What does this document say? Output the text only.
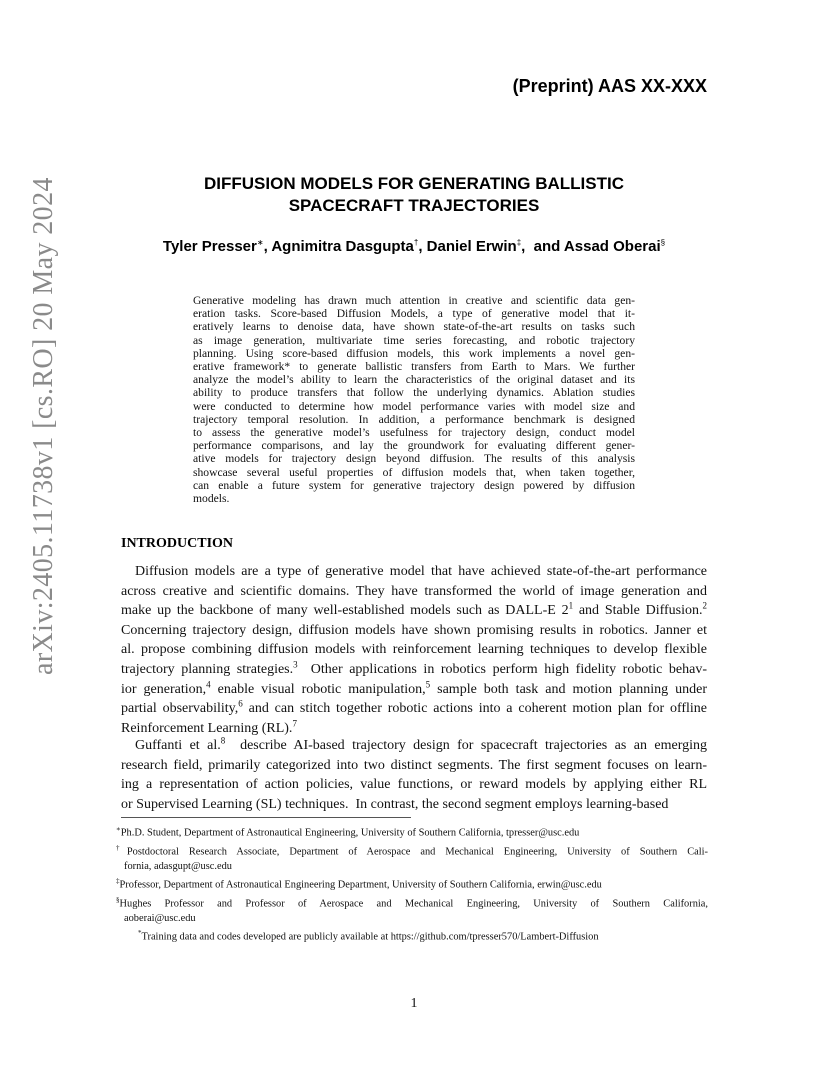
arXiv:2405.11738v1 [cs.RO] 20 May 2024
(Preprint) AAS XX-XXX
DIFFUSION MODELS FOR GENERATING BALLISTIC
SPACECRAFT TRAJECTORIES
Tyler Presser∗, Agnimitra Dasgupta†, Daniel Erwin‡,  and Assad Oberai§
Generative modeling has drawn much attention in creative and scientific data gen-
eration tasks. Score-based Diffusion Models, a type of generative model that it-
eratively learns to denoise data, have shown state-of-the-art results on tasks such
as image generation, multivariate time series forecasting, and robotic trajectory
planning. Using score-based diffusion models, this work implements a novel gen-
erative framework* to generate ballistic transfers from Earth to Mars. We further
analyze the model’s ability to learn the characteristics of the original dataset and its
ability to produce transfers that follow the underlying dynamics. Ablation studies
were conducted to determine how model performance varies with model size and
trajectory temporal resolution. In addition, a performance benchmark is designed
to assess the generative model’s usefulness for trajectory design, conduct model
performance comparisons, and lay the groundwork for evaluating different gener-
ative models for trajectory design beyond diffusion. The results of this analysis
showcase several useful properties of diffusion models that, when taken together,
can enable a future system for generative trajectory design powered by diffusion
models.
INTRODUCTION
Diffusion models are a type of generative model that have achieved state-of-the-art performance
across creative and scientific domains. They have transformed the world of image generation and
make up the backbone of many well-established models such as DALL-E $2^1$ and Stable Diffusion.$^2$
Concerning trajectory design, diffusion models have shown promising results in robotics. Janner et
al. propose combining diffusion models with reinforcement learning techniques to develop flexible
trajectory planning strategies.$^3$  Other applications in robotics perform high fidelity robotic behav-
ior generation,$^4$ enable visual robotic manipulation,$^5$ sample both task and motion planning under
partial observability,$^6$ and can stitch together robotic actions into a coherent motion plan for offline
Reinforcement Learning (RL).$^7$
Guffanti et al.$^8$  describe AI-based trajectory design for spacecraft trajectories as an emerging
research field, primarily categorized into two distinct segments. The first segment focuses on learn-
ing a representation of action policies, value functions, or reward models by applying either RL
or Supervised Learning (SL) techniques.  In contrast, the second segment employs learning-based
∗Ph.D. Student, Department of Astronautical Engineering, University of Southern California, tpresser@usc.edu
†Postdoctoral Research Associate, Department of Aerospace and Mechanical Engineering, University of Southern Cali-
fornia, adasgupt@usc.edu
‡Professor, Department of Astronautical Engineering Department, University of Southern California, erwin@usc.edu
§Hughes Professor and Professor of Aerospace and Mechanical Engineering, University of Southern California,
aoberai@usc.edu
*Training data and codes developed are publicly available at https://github.com/tpresser570/Lambert-Diffusion
1
